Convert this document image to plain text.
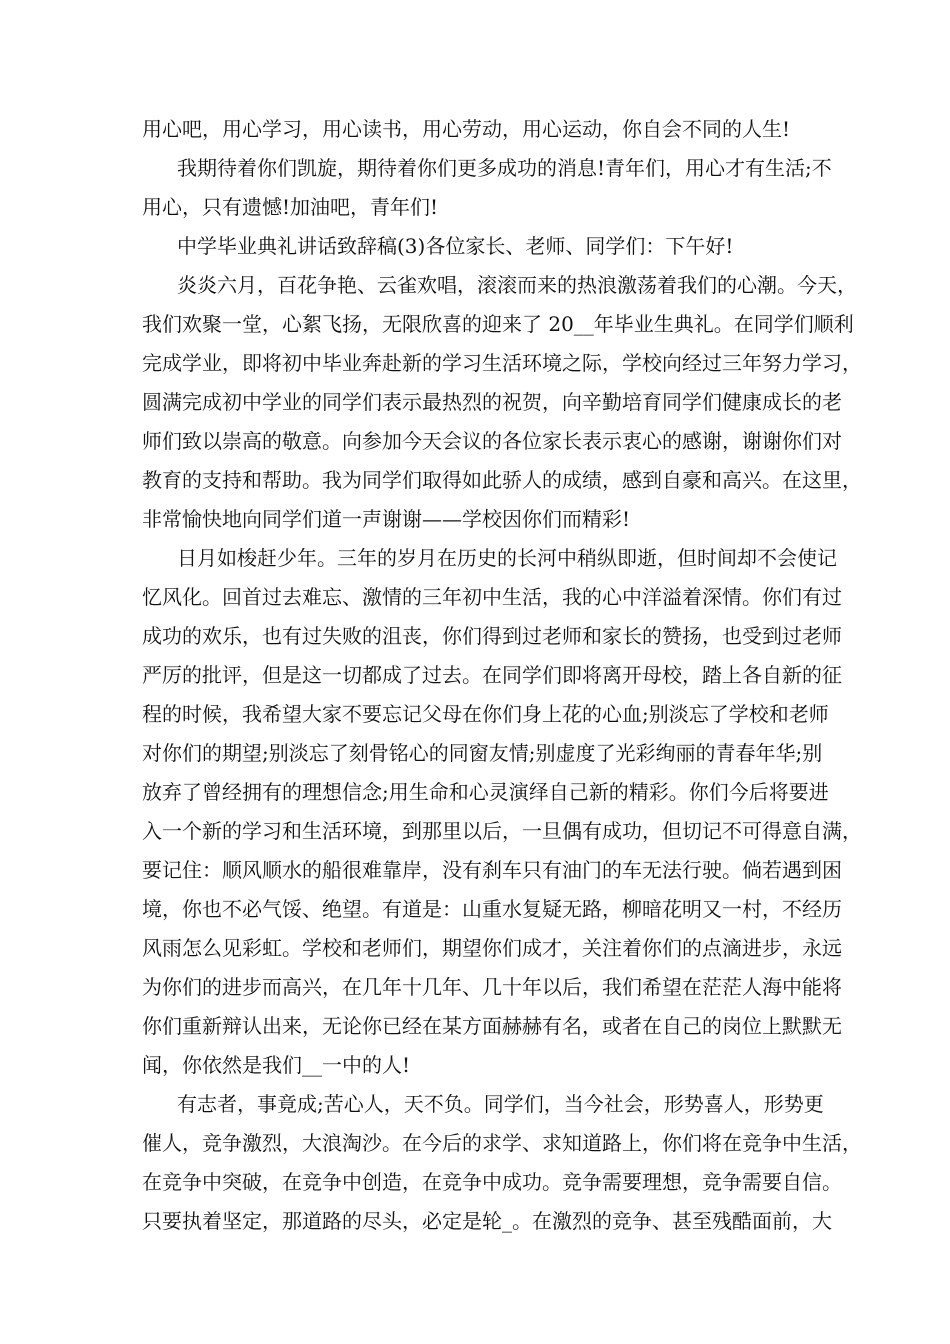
用心吧，用心学习，用心读书，用心劳动，用心运动，你自会不同的人生!
我期待着你们凯旋，期待着你们更多成功的消息!青年们，用心才有生活;不
用心，只有遗憾!加油吧，青年们!
中学毕业典礼讲话致辞稿(3)各位家长、老师、同学们：下午好!
炎炎六月，百花争艳、云雀欢唱，滚滚而来的热浪激荡着我们的心潮。今天，
我们欢聚一堂，心絮飞扬，无限欣喜的迎来了 20__年毕业生典礼。在同学们顺利
完成学业，即将初中毕业奔赴新的学习生活环境之际，学校向经过三年努力学习，
圆满完成初中学业的同学们表示最热烈的祝贺，向辛勤培育同学们健康成长的老
师们致以崇高的敬意。向参加今天会议的各位家长表示衷心的感谢，谢谢你们对
教育的支持和帮助。我为同学们取得如此骄人的成绩，感到自豪和高兴。在这里，
非常愉快地向同学们道一声谢谢——学校因你们而精彩!
日月如梭赶少年。三年的岁月在历史的长河中稍纵即逝，但时间却不会使记
忆风化。回首过去难忘、激情的三年初中生活，我的心中洋溢着深情。你们有过
成功的欢乐，也有过失败的沮丧，你们得到过老师和家长的赞扬，也受到过老师
严厉的批评，但是这一切都成了过去。在同学们即将离开母校，踏上各自新的征
程的时候，我希望大家不要忘记父母在你们身上花的心血;别淡忘了学校和老师
对你们的期望;别淡忘了刻骨铭心的同窗友情;别虚度了光彩绚丽的青春年华;别
放弃了曾经拥有的理想信念;用生命和心灵演绎自己新的精彩。你们今后将要进
入一个新的学习和生活环境，到那里以后，一旦偶有成功，但切记不可得意自满，
要记住：顺风顺水的船很难靠岸，没有刹车只有油门的车无法行驶。倘若遇到困
境，你也不必气馁、绝望。有道是：山重水复疑无路，柳暗花明又一村，不经历
风雨怎么见彩虹。学校和老师们，期望你们成才，关注着你们的点滴进步，永远
为你们的进步而高兴，在几年十几年、几十年以后，我们希望在茫茫人海中能将
你们重新辩认出来，无论你已经在某方面赫赫有名，或者在自己的岗位上默默无
闻，你依然是我们__一中的人!
有志者，事竟成;苦心人，天不负。同学们，当今社会，形势喜人，形势更
催人，竞争激烈，大浪淘沙。在今后的求学、求知道路上，你们将在竞争中生活，
在竞争中突破，在竞争中创造，在竞争中成功。竞争需要理想，竞争需要自信。
只要执着坚定，那道路的尽头，必定是轮_。在激烈的竞争、甚至残酷面前，大
